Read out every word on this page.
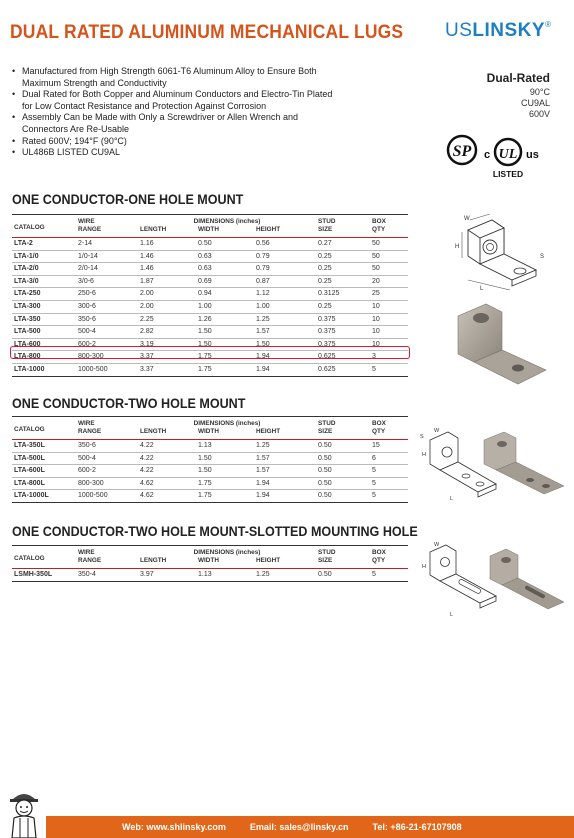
DUAL RATED ALUMINUM MECHANICAL LUGS USLINSKY®
• Manufactured from High Strength 6061-T6 Aluminum Alloy to Ensure Both Maximum Strength and Conductivity
• Dual Rated for Both Copper and Aluminum Conductors and Electro-Tin Plated for Low Contact Resistance and Protection Against Corrosion
• Assembly Can be Made with Only a Screwdriver or Allen Wrench and Connectors Are Re-Usable
• Rated 600V; 194°F (90°C)
• UL486B LISTED CU9AL
Dual-Rated
90°C
CU9AL
600V
SP c UL us
LISTED
ONE CONDUCTOR-ONE HOLE MOUNT
CATALOG	WIRE	DIMENSIONS (inches)			STUD	BOX
	RANGE	LENGTH	WIDTH	HEIGHT	SIZE	QTY
LTA-2	2-14	1.16	0.50	0.56	0.27	50
LTA-1/0	1/0-14	1.46	0.63	0.79	0.25	50
LTA-2/0	2/0-14	1.46	0.63	0.79	0.25	50
LTA-3/0	3/0-6	1.87	0.69	0.87	0.25	20
LTA-250	250-6	2.00	0.94	1.12	0.3125	25
LTA-300	300-6	2.00	1.00	1.00	0.25	10
LTA-350	350-6	2.25	1.26	1.25	0.375	10
LTA-500	500-4	2.82	1.50	1.57	0.375	10
LTA-600	600-2	3.19	1.50	1.50	0.375	10
LTA-800	800-300	3.37	1.75	1.94	0.625	3
LTA-1000	1000-500	3.37	1.75	1.94	0.625	5
W
H
L
S
ONE CONDUCTOR-TWO HOLE MOUNT
CATALOG	WIRE	DIMENSIONS (inches)			STUD	BOX
	RANGE	LENGTH	WIDTH	HEIGHT	SIZE	QTY
LTA-350L	350-6	4.22	1.13	1.25	0.50	15
LTA-500L	500-4	4.22	1.50	1.57	0.50	6
LTA-600L	600-2	4.22	1.50	1.57	0.50	5
LTA-800L	800-300	4.62	1.75	1.94	0.50	5
LTA-1000L	1000-500	4.62	1.75	1.94	0.50	5
W
H
L
S
ONE CONDUCTOR-TWO HOLE MOUNT-SLOTTED MOUNTING HOLE
CATALOG	WIRE	DIMENSIONS (inches)			STUD	BOX
	RANGE	LENGTH	WIDTH	HEIGHT	SIZE	QTY
LSMH-350L	350-4	3.97	1.13	1.25	0.50	5
W
H
L
Web: www.shlinsky.com	Email: sales@linsky.cn	Tel: +86-21-67107908
